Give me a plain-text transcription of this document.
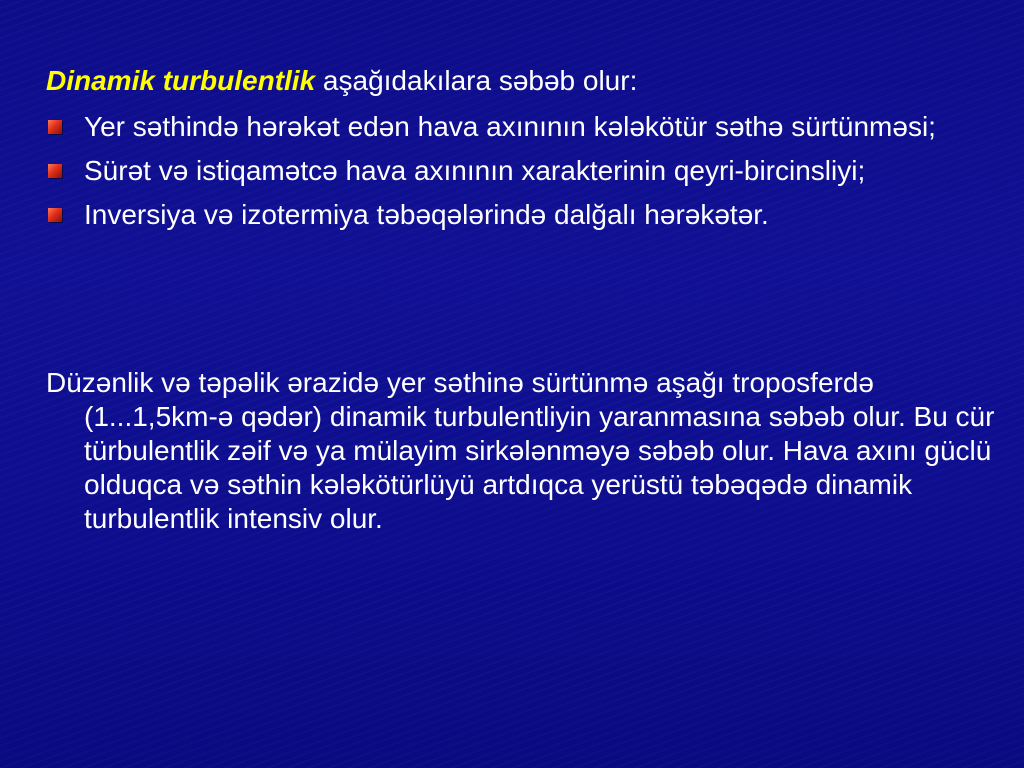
Dinamik turbulentlik aşağıdakılara səbəb olur:

Yer səthində hərəkət edən hava axınının kələkötür səthə sürtünməsi;
Sürət və istiqamətcə hava axınının xarakterinin qeyri-bircinsliyi;
Inversiya və izotermiya təbəqələrində dalğalı hərəkətər.

Düzənlik və təpəlik ərazidə yer səthinə sürtünmə aşağı troposferdə (1...1,5km-ə qədər) dinamik turbulentliyin yaranmasına səbəb olur. Bu cür türbulentlik zəif və ya mülayim sirkələnməyə səbəb olur. Hava axını güclü olduqca və səthin kələkötürlüyü artdıqca yerüstü təbəqədə dinamik turbulentlik intensiv olur.
